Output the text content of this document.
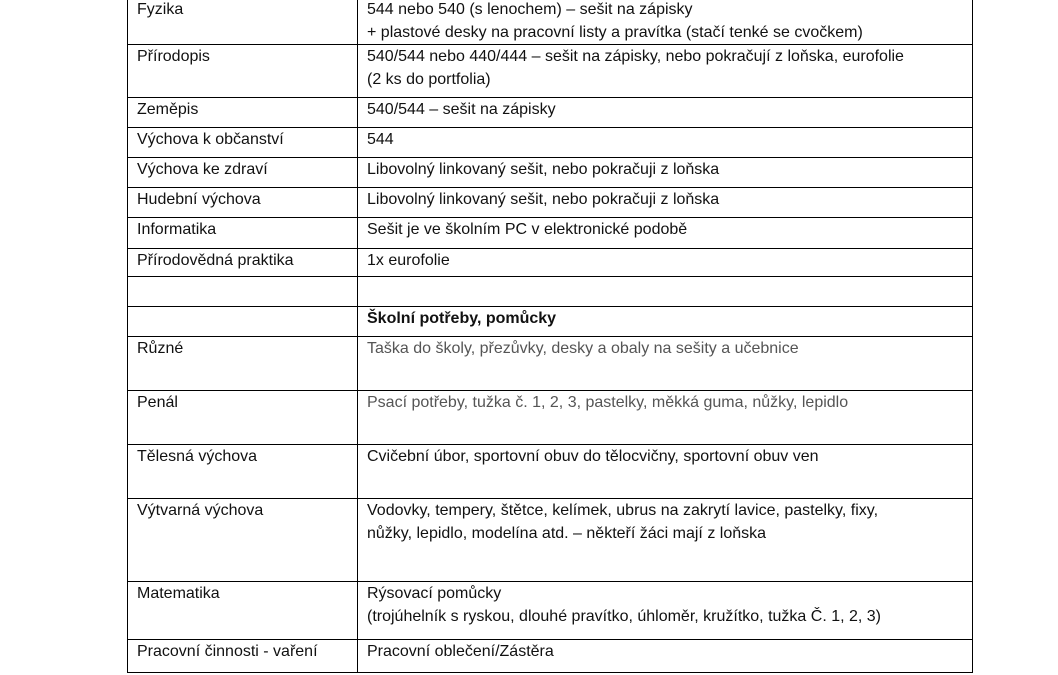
Fyzika	544 nebo 540 (s lenochem) – sešit na zápisky
+ plastové desky na pracovní listy a pravítka (stačí tenké se cvočkem)

Přírodopis	540/544 nebo 440/444 – sešit na zápisky, nebo pokračují z loňska, eurofolie
(2 ks do portfolia)

Zeměpis	540/544 – sešit na zápisky
Výchova k občanství	544
Výchova ke zdraví	Libovolný linkovaný sešit, nebo pokračuji z loňska
Hudební výchova	Libovolný linkovaný sešit, nebo pokračuji z loňska
Informatika	Sešit je ve školním PC v elektronické podobě
Přírodovědná praktika	1x eurofolie

	Školní potřeby, pomůcky
Různé	Taška do školy, přezůvky, desky a obaly na sešity a učebnice
Penál	Psací potřeby, tužka č. 1, 2, 3, pastelky, měkká guma, nůžky, lepidlo
Tělesná výchova	Cvičební úbor, sportovní obuv do tělocvičny, sportovní obuv ven
Výtvarná výchova	Vodovky, tempery, štětce, kelímek, ubrus na zakrytí lavice, pastelky, fixy,
nůžky, lepidlo, modelína atd. – někteří žáci mají z loňska

Matematika	Rýsovací pomůcky
(trojúhelník s ryskou, dlouhé pravítko, úhloměr, kružítko, tužka Č. 1, 2, 3)

Pracovní činnosti - vaření	Pracovní oblečení/Zástěra
